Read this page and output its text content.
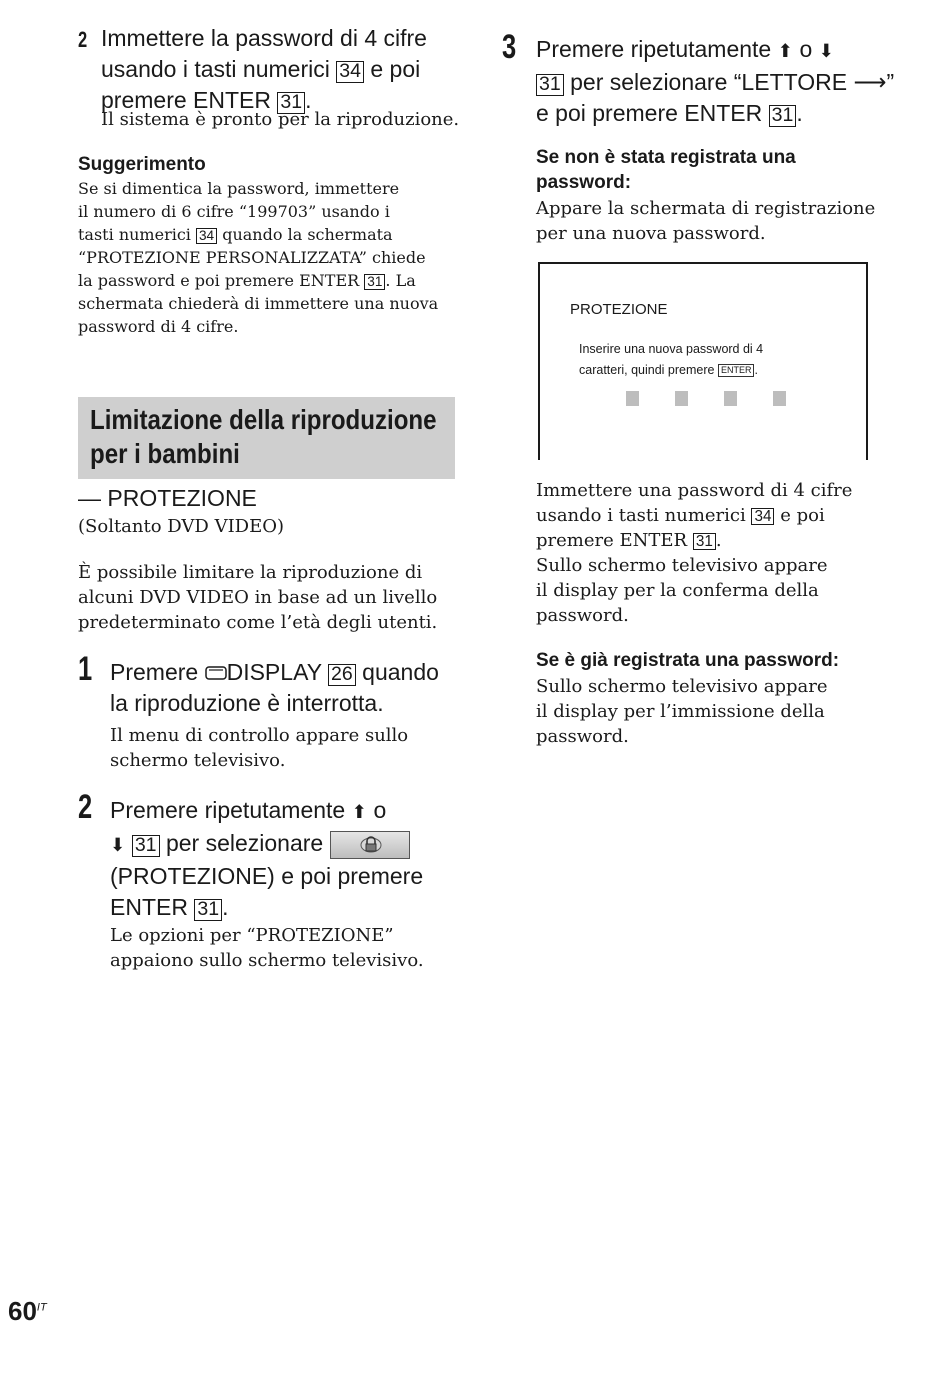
2 Immettere la password di 4 cifre
usando i tasti numerici 34 e poi
premere ENTER 31 .
Il sistema è pronto per la riproduzione.
Suggerimento
Se si dimentica la password, immettere
il numero di 6 cifre “199703” usando i
tasti numerici 34 quando la schermata
“PROTEZIONE PERSONALIZZATA” chiede
la password e poi premere ENTER 31 . La
schermata chiederà di immettere una nuova
password di 4 cifre.
Limitazione della riproduzione
per i bambini
— PROTEZIONE
(Soltanto DVD VIDEO)
È possibile limitare la riproduzione di
alcuni DVD VIDEO in base ad un livello
predeterminato come l’età degli utenti.
1 Premere DISPLAY 26 quando
la riproduzione è interrotta.
Il menu di controllo appare sullo
schermo televisivo.
2 Premere ripetutamente ⬆ o
⬇ 31 per selezionare
(PROTEZIONE) e poi premere
ENTER 31 .
Le opzioni per “PROTEZIONE”
appaiono sullo schermo televisivo.
3 Premere ripetutamente ⬆ o ⬇
31 per selezionare “LETTORE ⟶”
e poi premere ENTER 31 .
Se non è stata registrata una
password:
Appare la schermata di registrazione
per una nuova password.
PROTEZIONE
Inserire una nuova password di 4
caratteri, quindi premere ENTER .
Immettere una password di 4 cifre
usando i tasti numerici 34 e poi
premere ENTER 31 .
Sullo schermo televisivo appare
il display per la conferma della
password.
Se è già registrata una password:
Sullo schermo televisivo appare
il display per l’immissione della
password.
$60^{IT}$
